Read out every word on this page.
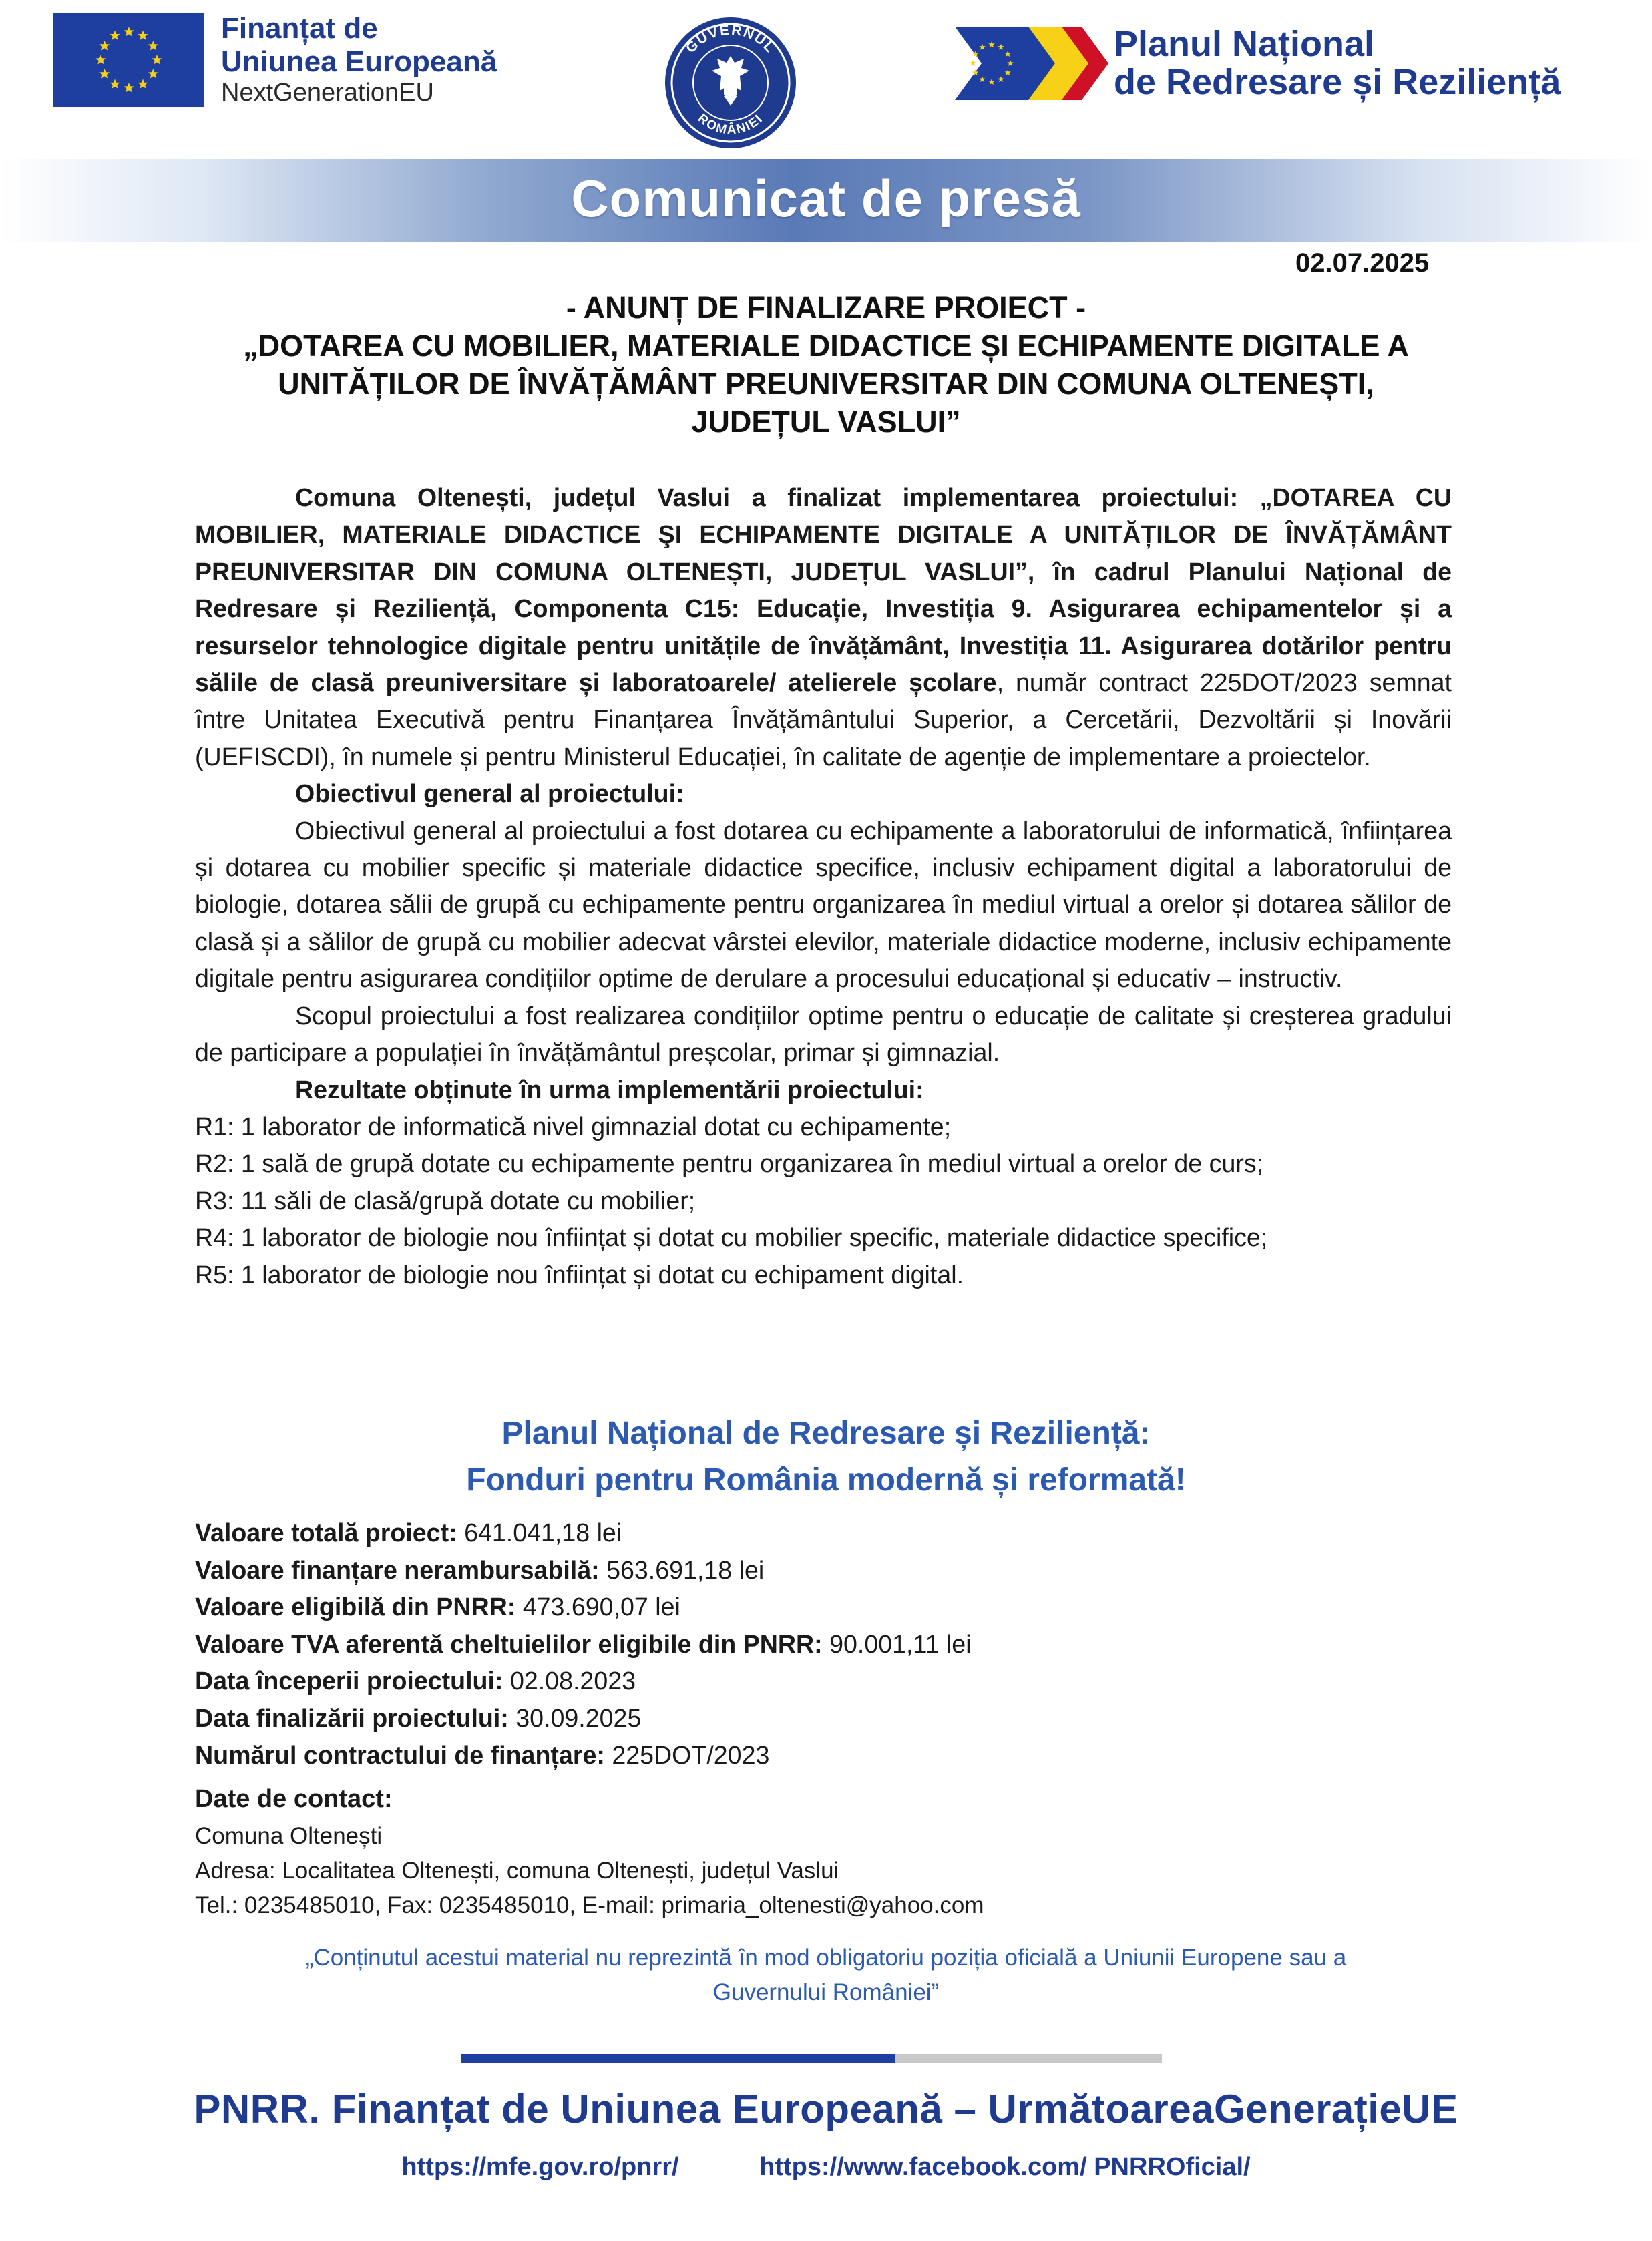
Finanțat de
Uniunea Europeană
NextGenerationEU
GUVERNUL
ROMÂNIEI
Planul Național
de Redresare și Reziliență
Comunicat de presă
02.07.2025
- ANUNȚ DE FINALIZARE PROIECT -
„DOTAREA CU MOBILIER, MATERIALE DIDACTICE ȘI ECHIPAMENTE DIGITALE A
UNITĂȚILOR DE ÎNVĂȚĂMÂNT PREUNIVERSITAR DIN COMUNA OLTENEȘTI,
JUDEȚUL VASLUI”

Comuna Oltenești, județul Vaslui a finalizat implementarea proiectului: „DOTAREA CU MOBILIER, MATERIALE DIDACTICE ŞI ECHIPAMENTE DIGITALE A UNITĂȚILOR DE ÎNVĂȚĂMÂNT PREUNIVERSITAR DIN COMUNA OLTENEȘTI, JUDEȚUL VASLUI”, în cadrul Planului Național de Redresare și Reziliență, Componenta C15: Educație, Investiția 9. Asigurarea echipamentelor și a resurselor tehnologice digitale pentru unitățile de învățământ, Investiția 11. Asigurarea dotărilor pentru sălile de clasă preuniversitare și laboratoarele/ atelierele școlare, număr contract 225DOT/2023 semnat între Unitatea Executivă pentru Finanțarea Învățământului Superior, a Cercetării, Dezvoltării și Inovării (UEFISCDI), în numele și pentru Ministerul Educației, în calitate de agenție de implementare a proiectelor.

Obiectivul general al proiectului:

Obiectivul general al proiectului a fost dotarea cu echipamente a laboratorului de informatică, înființarea și dotarea cu mobilier specific și materiale didactice specifice, inclusiv echipament digital a laboratorului de biologie, dotarea sălii de grupă cu echipamente pentru organizarea în mediul virtual a orelor și dotarea sălilor de clasă și a sălilor de grupă cu mobilier adecvat vârstei elevilor, materiale didactice moderne, inclusiv echipamente digitale pentru asigurarea condițiilor optime de derulare a procesului educațional și educativ – instructiv.

Scopul proiectului a fost realizarea condițiilor optime pentru o educație de calitate și creșterea gradului de participare a populației în învățământul preșcolar, primar și gimnazial.

Rezultate obținute în urma implementării proiectului:

R1: 1 laborator de informatică nivel gimnazial dotat cu echipamente;

R2: 1 sală de grupă dotate cu echipamente pentru organizarea în mediul virtual a orelor de curs;

R3: 11 săli de clasă/grupă dotate cu mobilier;

R4: 1 laborator de biologie nou înființat și dotat cu mobilier specific, materiale didactice specifice;

R5: 1 laborator de biologie nou înființat și dotat cu echipament digital.

Planul Național de Redresare și Reziliență:
Fonduri pentru România modernă și reformată!
Valoare totală proiect: 641.041,18 lei
Valoare finanțare nerambursabilă: 563.691,18 lei
Valoare eligibilă din PNRR: 473.690,07 lei
Valoare TVA aferentă cheltuielilor eligibile din PNRR: 90.001,11 lei
Data începerii proiectului: 02.08.2023
Data finalizării proiectului: 30.09.2025
Numărul contractului de finanțare: 225DOT/2023
Date de contact:
Comuna Oltenești
Adresa: Localitatea Oltenești, comuna Oltenești, județul Vaslui
Tel.: 0235485010, Fax: 0235485010, E-mail: primaria_oltenesti@yahoo.com
„Conținutul acestui material nu reprezintă în mod obligatoriu poziția oficială a Uniunii Europene sau a
Guvernului României”
PNRR. Finanțat de Uniunea Europeană – UrmătoareaGenerațieUE
https://mfe.gov.ro/pnrr/	https://www.facebook.com/ PNRROficial/
